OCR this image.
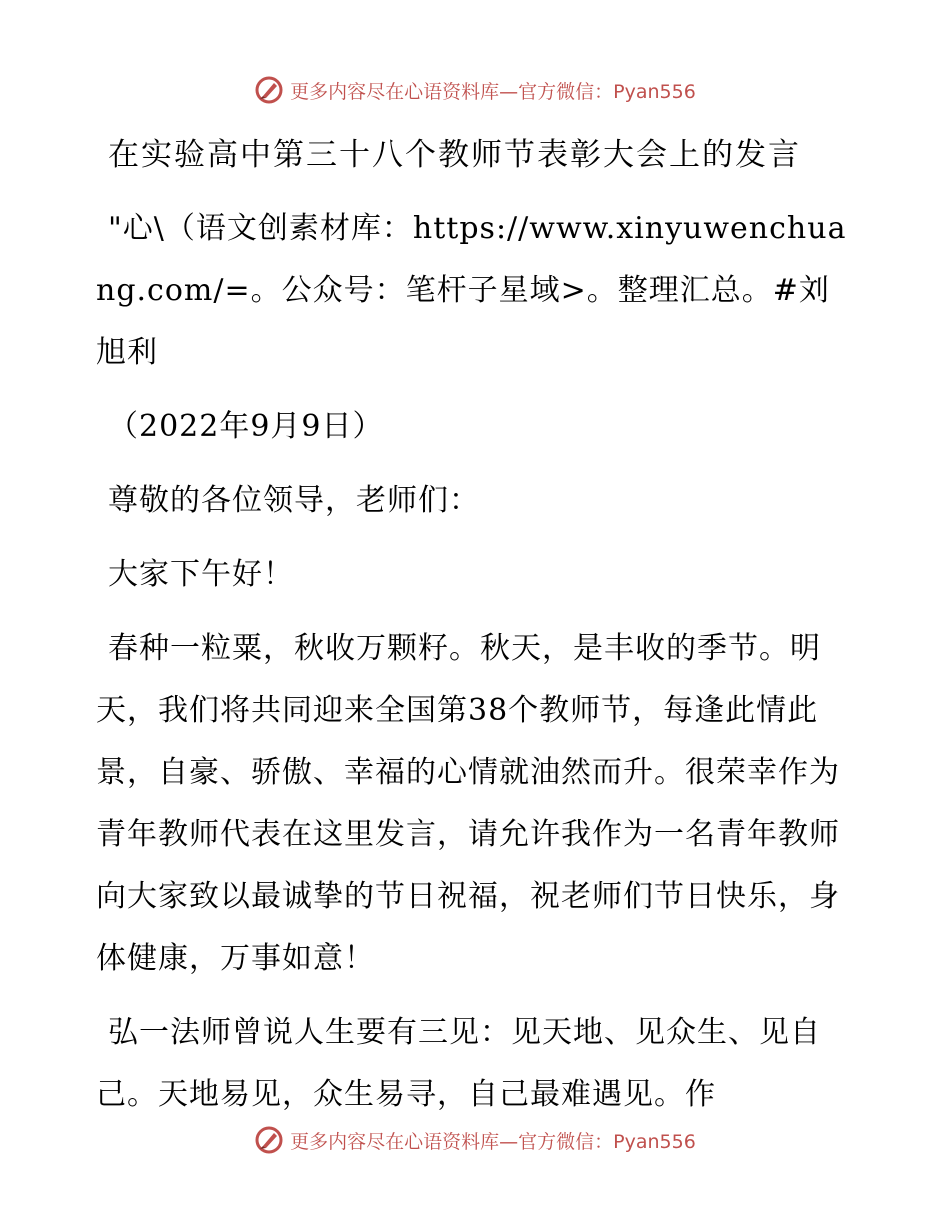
更多内容尽在心语资料库—官方微信：Pyan556

在实验高中第三十八个教师节表彰大会上的发言

"心\（语文创素材库：https://www.xinyuwenchuang.com/=。公众号：笔杆子星域>。整理汇总。#刘旭利

（2022年9月9日）

尊敬的各位领导，老师们：

大家下午好！

春种一粒粟，秋收万颗籽。秋天，是丰收的季节。明天，我们将共同迎来全国第38个教师节，每逢此情此景，自豪、骄傲、幸福的心情就油然而升。很荣幸作为青年教师代表在这里发言，请允许我作为一名青年教师向大家致以最诚挚的节日祝福，祝老师们节日快乐，身体健康，万事如意！

弘一法师曾说人生要有三见：见天地、见众生、见自己。天地易见，众生易寻，自己最难遇见。作

更多内容尽在心语资料库—官方微信：Pyan556
